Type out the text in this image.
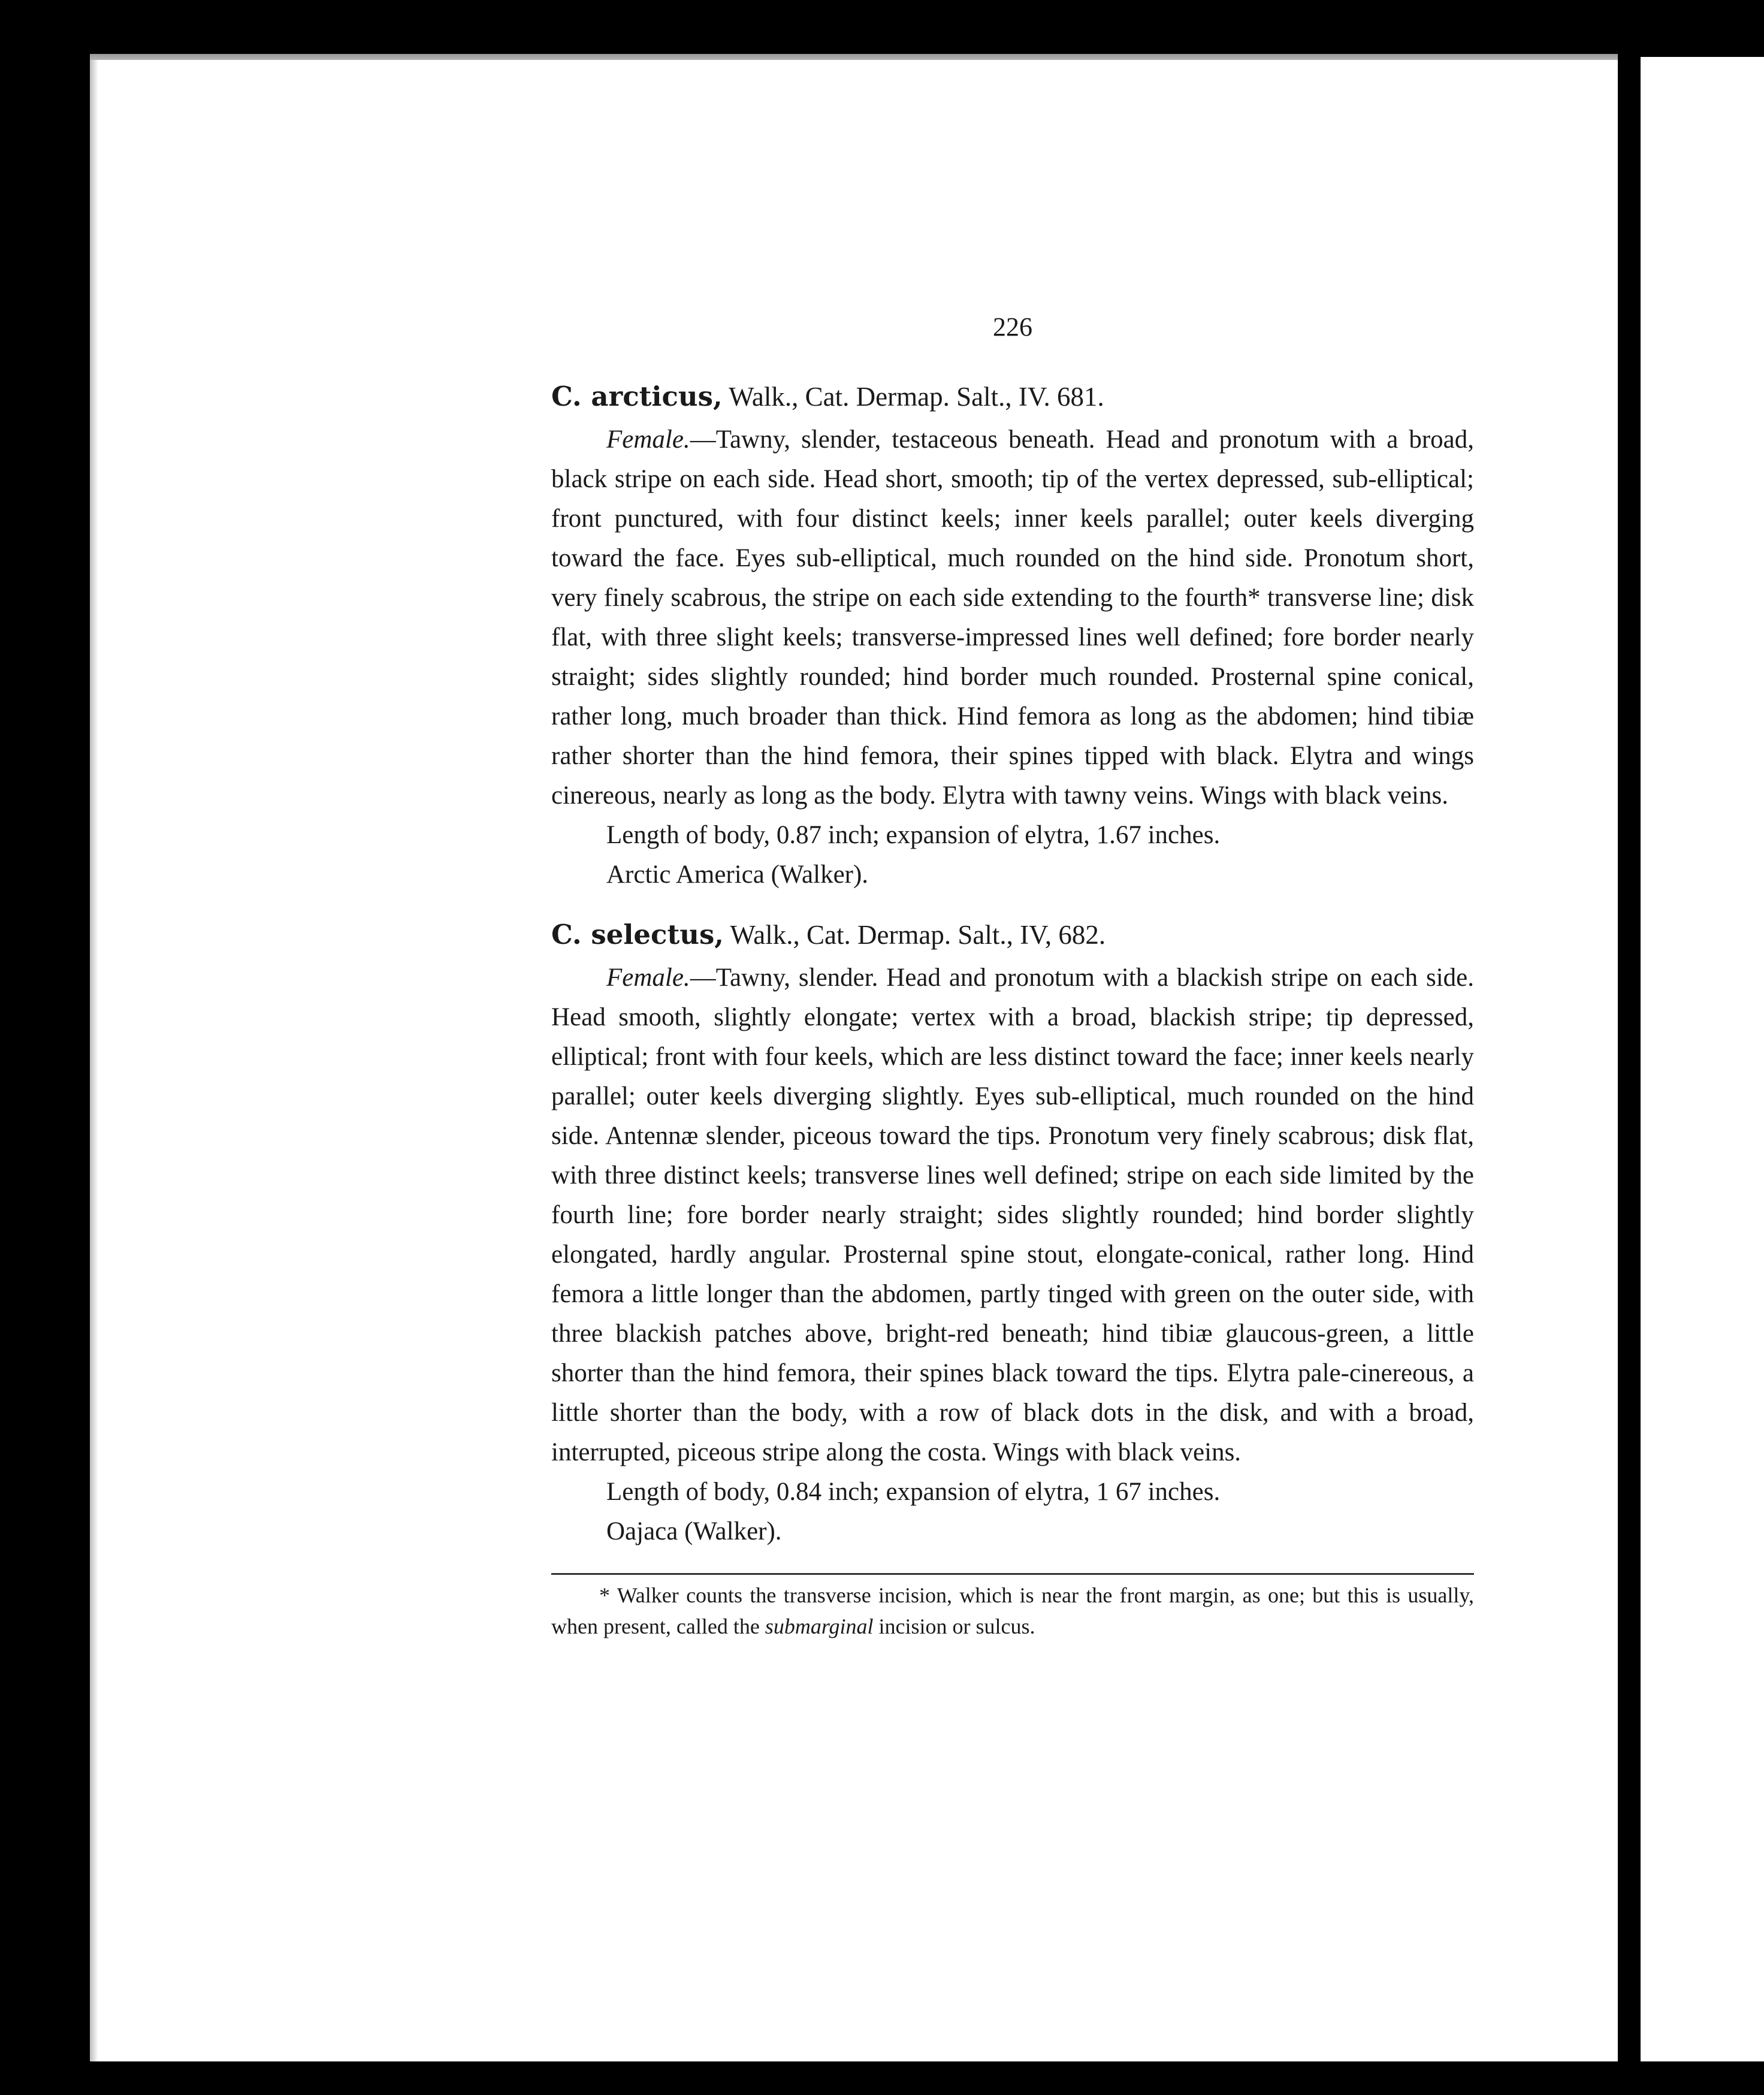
226

C. arcticus, Walk., Cat. Dermap. Salt., IV. 681.

Female.—Tawny, slender, testaceous beneath. Head and pronotum with a broad, black stripe on each side. Head short, smooth; tip of the vertex depressed, sub-elliptical; front punctured, with four distinct keels; inner keels parallel; outer keels diverging toward the face. Eyes sub-elliptical, much rounded on the hind side. Pronotum short, very finely scabrous, the stripe on each side extending to the fourth* transverse line; disk flat, with three slight keels; transverse-impressed lines well defined; fore border nearly straight; sides slightly rounded; hind border much rounded. Prosternal spine conical, rather long, much broader than thick. Hind femora as long as the abdomen; hind tibiæ rather shorter than the hind femora, their spines tipped with black. Elytra and wings cinereous, nearly as long as the body. Elytra with tawny veins. Wings with black veins.

Length of body, 0.87 inch; expansion of elytra, 1.67 inches.

Arctic America (Walker).

C. selectus, Walk., Cat. Dermap. Salt., IV, 682.

Female.—Tawny, slender. Head and pronotum with a blackish stripe on each side. Head smooth, slightly elongate; vertex with a broad, blackish stripe; tip depressed, elliptical; front with four keels, which are less distinct toward the face; inner keels nearly parallel; outer keels diverging slightly. Eyes sub-elliptical, much rounded on the hind side. Antennæ slender, piceous toward the tips. Pronotum very finely scabrous; disk flat, with three distinct keels; transverse lines well defined; stripe on each side limited by the fourth line; fore border nearly straight; sides slightly rounded; hind border slightly elongated, hardly angular. Prosternal spine stout, elongate-conical, rather long. Hind femora a little longer than the abdomen, partly tinged with green on the outer side, with three blackish patches above, bright-red beneath; hind tibiæ glaucous-green, a little shorter than the hind femora, their spines black toward the tips. Elytra pale-cinereous, a little shorter than the body, with a row of black dots in the disk, and with a broad, interrupted, piceous stripe along the costa. Wings with black veins.

Length of body, 0.84 inch; expansion of elytra, 1 67 inches.

Oajaca (Walker).

* Walker counts the transverse incision, which is near the front margin, as one; but this is usually, when present, called the submarginal incision or sulcus.
